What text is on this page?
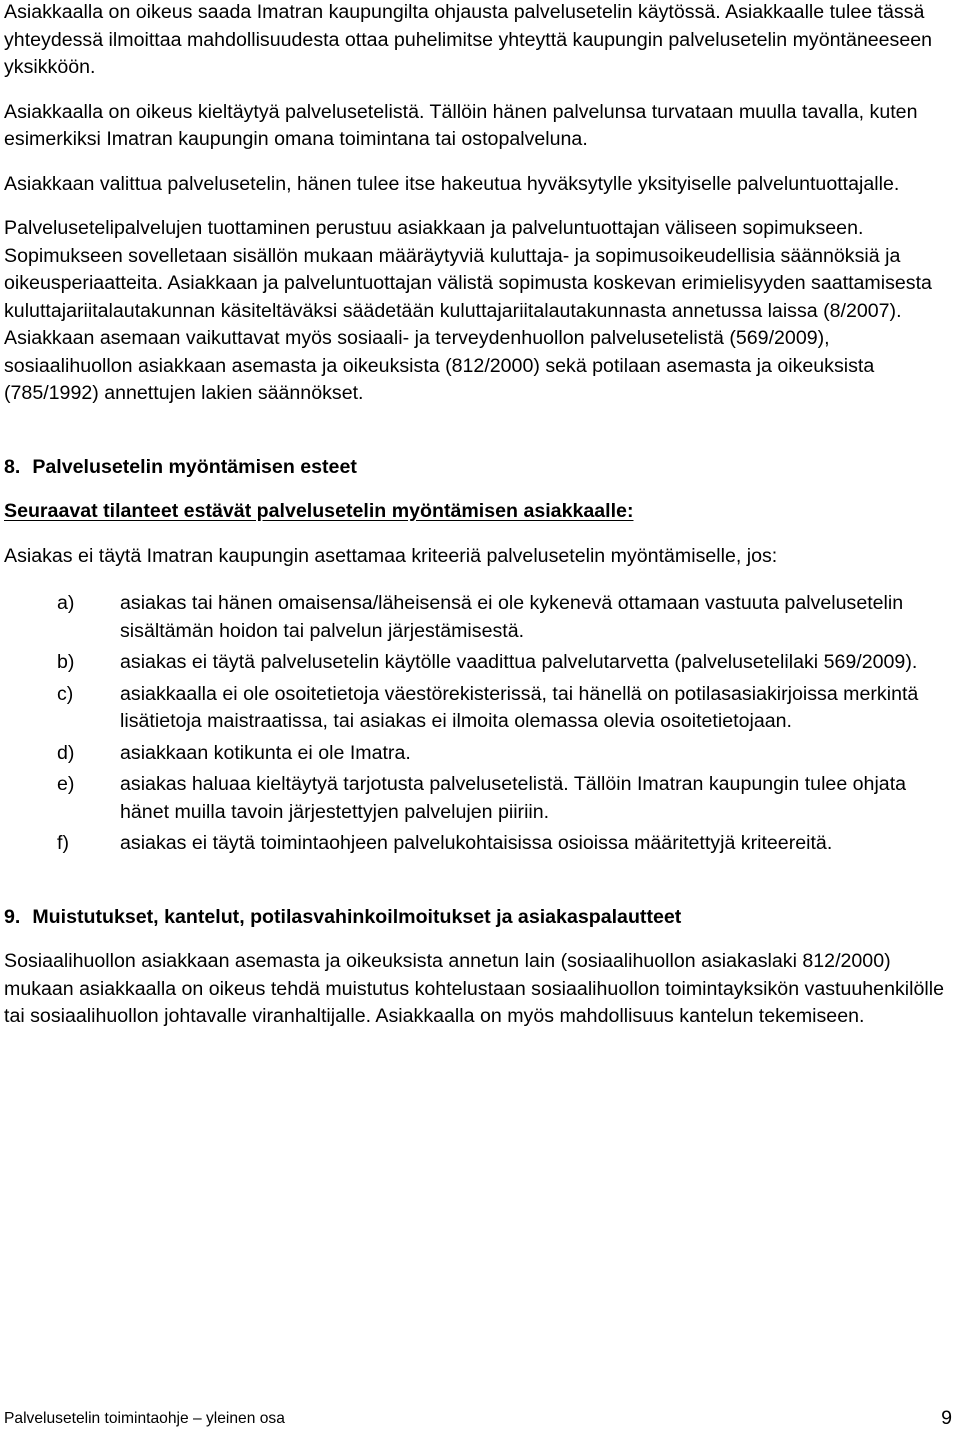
Asiakkaalla on oikeus saada Imatran kaupungilta ohjausta palvelusetelin käytössä. Asiakkaalle tulee tässä yhteydessä ilmoittaa mahdollisuudesta ottaa puhelimitse yhteyttä kaupungin palvelusetelin myöntäneeseen yksikköön.

Asiakkaalla on oikeus kieltäytyä palvelusetelistä. Tällöin hänen palvelunsa turvataan muulla tavalla, kuten esimerkiksi Imatran kaupungin omana toimintana tai ostopalveluna.

Asiakkaan valittua palvelusetelin, hänen tulee itse hakeutua hyväksytylle yksityiselle palveluntuottajalle.

Palvelusetelipalvelujen tuottaminen perustuu asiakkaan ja palveluntuottajan väliseen sopimukseen. Sopimukseen sovelletaan sisällön mukaan määräytyviä kuluttaja- ja sopimusoikeudellisia säännöksiä ja oikeusperiaatteita. Asiakkaan ja palveluntuottajan välistä sopimusta koskevan erimielisyyden saattamisesta kuluttajariitalautakunnan käsiteltäväksi säädetään kuluttajariitalautakunnasta annetussa laissa (8/2007). Asiakkaan asemaan vaikuttavat myös sosiaali- ja terveydenhuollon palvelusetelistä (569/2009), sosiaalihuollon asiakkaan asemasta ja oikeuksista (812/2000) sekä potilaan asemasta ja oikeuksista (785/1992) annettujen lakien säännökset.

8. Palvelusetelin myöntämisen esteet

Seuraavat tilanteet estävät palvelusetelin myöntämisen asiakkaalle:

Asiakas ei täytä Imatran kaupungin asettamaa kriteeriä palvelusetelin myöntämiselle, jos:

a) asiakas tai hänen omaisensa/läheisensä ei ole kykenevä ottamaan vastuuta palvelusetelin sisältämän hoidon tai palvelun järjestämisestä.
b) asiakas ei täytä palvelusetelin käytölle vaadittua palvelutarvetta (palvelusetelilaki 569/2009).
c) asiakkaalla ei ole osoitetietoja väestörekisterissä, tai hänellä on potilasasiakirjoissa merkintä lisätietoja maistraatissa, tai asiakas ei ilmoita olemassa olevia osoitetietojaan.
d) asiakkaan kotikunta ei ole Imatra.
e) asiakas haluaa kieltäytyä tarjotusta palvelusetelistä. Tällöin Imatran kaupungin tulee ohjata hänet muilla tavoin järjestettyjen palvelujen piiriin.
f)	asiakas ei täytä toimintaohjeen palvelukohtaisissa osioissa määritettyjä kriteereitä.
9. Muistutukset, kantelut, potilasvahinkoilmoitukset ja asiakaspalautteet

Sosiaalihuollon asiakkaan asemasta ja oikeuksista annetun lain (sosiaalihuollon asiakaslaki 812/2000) mukaan asiakkaalla on oikeus tehdä muistutus kohtelustaan sosiaalihuollon toimintayksikön vastuuhenkilölle tai sosiaalihuollon johtavalle viranhaltijalle. Asiakkaalla on myös mahdollisuus kantelun tekemiseen.

Palvelusetelin toimintaohje – yleinen osa	9
